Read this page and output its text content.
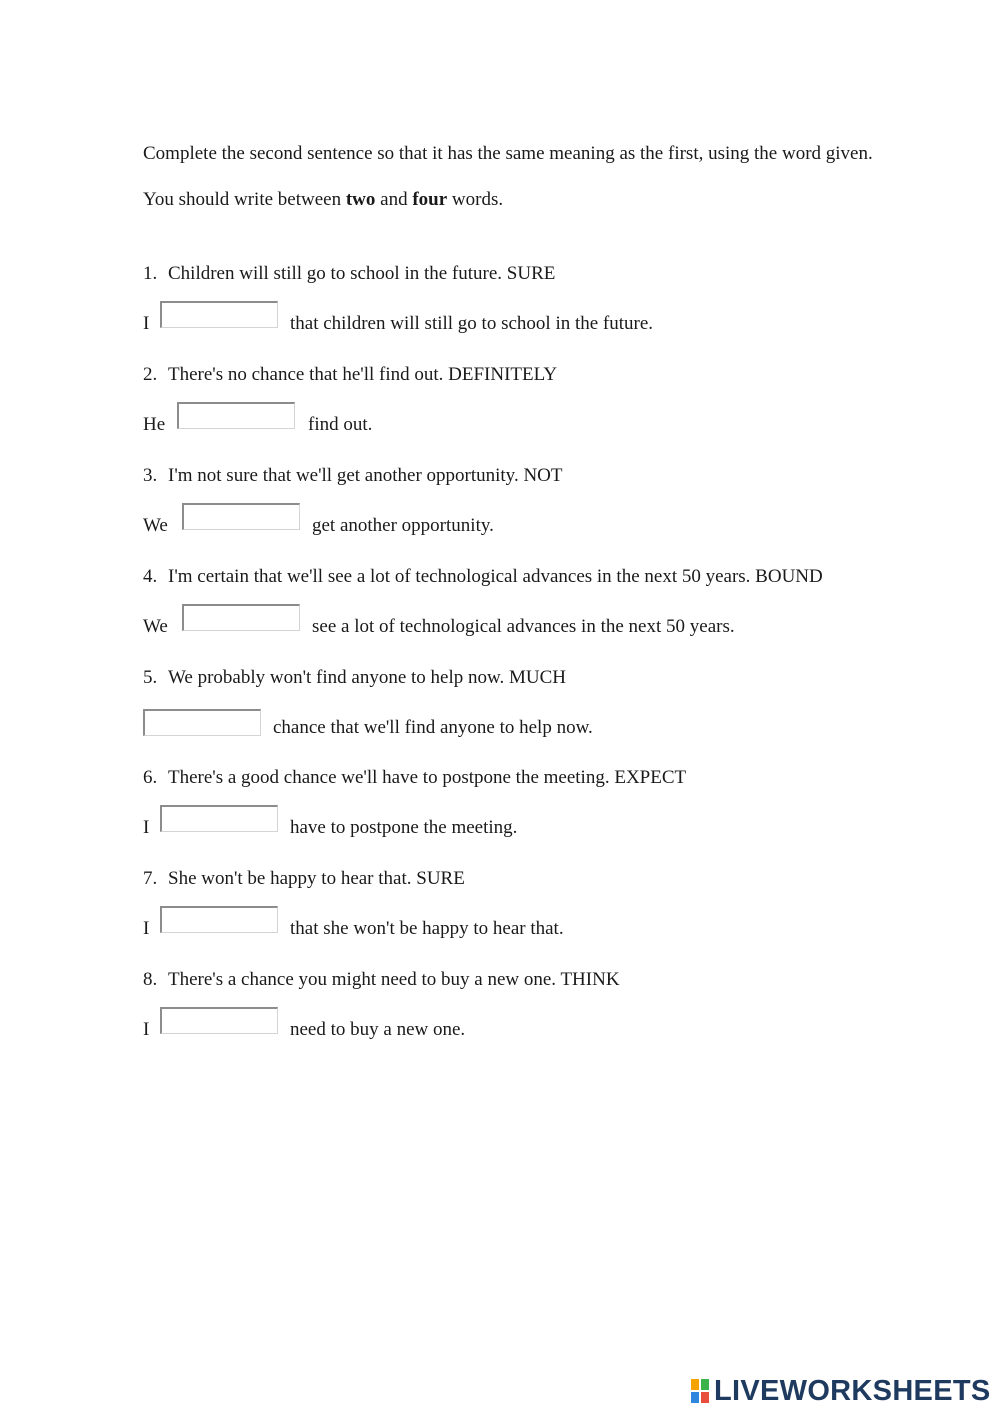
Complete the second sentence so that it has the same meaning as the first, using the word given.
You should write between two and four words.
1. Children will still go to school in the future. SURE
I	that children will still go to school in the future.
2. There's no chance that he'll find out. DEFINITELY
He	find out.
3. I'm not sure that we'll get another opportunity. NOT
We	get another opportunity.
4. I'm certain that we'll see a lot of technological advances in the next 50 years. BOUND
We	see a lot of technological advances in the next 50 years.
5. We probably won't find anyone to help now. MUCH
chance that we'll find anyone to help now.
6. There's a good chance we'll have to postpone the meeting. EXPECT
I	have to postpone the meeting.
7. She won't be happy to hear that. SURE
I	that she won't be happy to hear that.
8. There's a chance you might need to buy a new one. THINK
I	need to buy a new one.
LIVEWORKSHEETS
